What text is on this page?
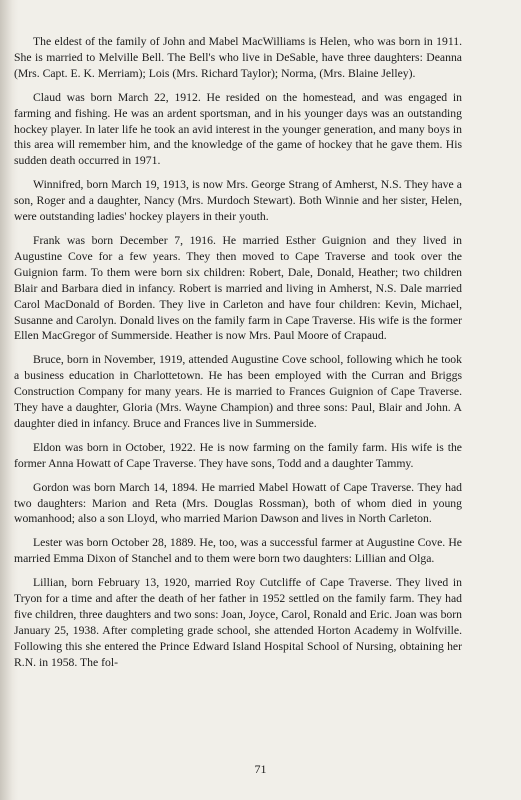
The eldest of the family of John and Mabel MacWilliams is Helen, who was born in 1911. She is married to Melville Bell. The Bell's who live in DeSable, have three daughters: Deanna (Mrs. Capt. E. K. Merriam); Lois (Mrs. Richard Taylor); Norma, (Mrs. Blaine Jelley).

Claud was born March 22, 1912. He resided on the homestead, and was engaged in farming and fishing. He was an ardent sportsman, and in his younger days was an outstanding hockey player. In later life he took an avid interest in the younger generation, and many boys in this area will remember him, and the knowledge of the game of hockey that he gave them. His sudden death occurred in 1971.

Winnifred, born March 19, 1913, is now Mrs. George Strang of Amherst, N.S. They have a son, Roger and a daughter, Nancy (Mrs. Murdoch Stewart). Both Winnie and her sister, Helen, were outstanding ladies' hockey players in their youth.

Frank was born December 7, 1916. He married Esther Guignion and they lived in Augustine Cove for a few years. They then moved to Cape Traverse and took over the Guignion farm. To them were born six children: Robert, Dale, Donald, Heather; two children Blair and Barbara died in infancy. Robert is married and living in Amherst, N.S. Dale married Carol MacDonald of Borden. They live in Carleton and have four children: Kevin, Michael, Susanne and Carolyn. Donald lives on the family farm in Cape Traverse. His wife is the former Ellen MacGregor of Summerside. Heather is now Mrs. Paul Moore of Crapaud.

Bruce, born in November, 1919, attended Augustine Cove school, following which he took a business education in Charlottetown. He has been employed with the Curran and Briggs Construction Company for many years. He is married to Frances Guignion of Cape Traverse. They have a daughter, Gloria (Mrs. Wayne Champion) and three sons: Paul, Blair and John. A daughter died in infancy. Bruce and Frances live in Summerside.

Eldon was born in October, 1922. He is now farming on the family farm. His wife is the former Anna Howatt of Cape Traverse. They have sons, Todd and a daughter Tammy.

Gordon was born March 14, 1894. He married Mabel Howatt of Cape Traverse. They had two daughters: Marion and Reta (Mrs. Douglas Rossman), both of whom died in young womanhood; also a son Lloyd, who married Marion Dawson and lives in North Carleton.

Lester was born October 28, 1889. He, too, was a successful farmer at Augustine Cove. He married Emma Dixon of Stanchel and to them were born two daughters: Lillian and Olga.

Lillian, born February 13, 1920, married Roy Cutcliffe of Cape Traverse. They lived in Tryon for a time and after the death of her father in 1952 settled on the family farm. They had five children, three daughters and two sons: Joan, Joyce, Carol, Ronald and Eric. Joan was born January 25, 1938. After completing grade school, she attended Horton Academy in Wolfville. Following this she entered the Prince Edward Island Hospital School of Nursing, obtaining her R.N. in 1958. The fol-

71
